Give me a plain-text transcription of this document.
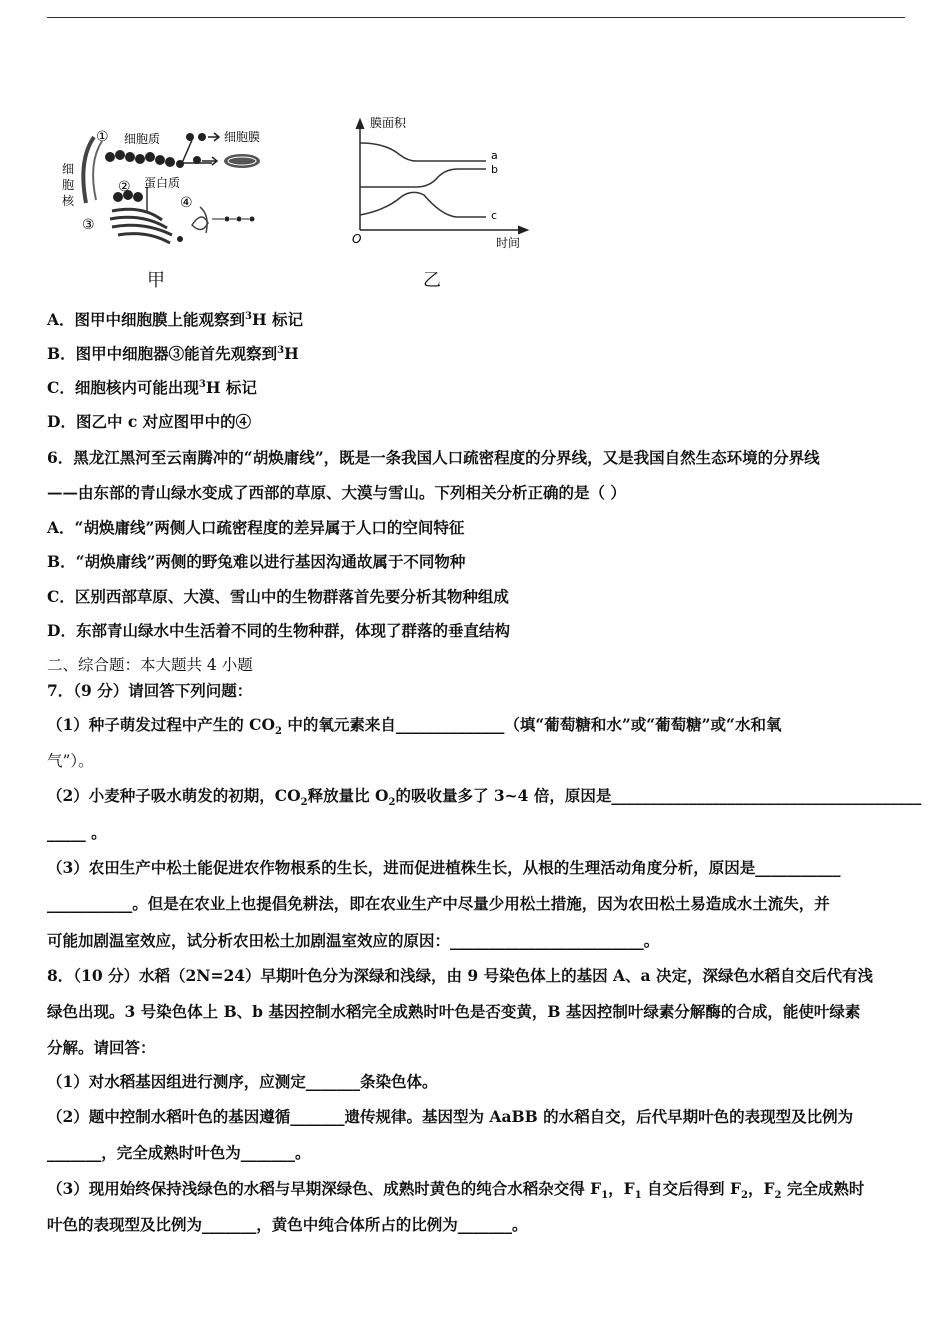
① 细胞质	细胞膜
细
胞
核
② 蛋白质
③
④
甲
膜面积
时间
O
a
b
c
乙
A．图甲中细胞膜上能观察到$^3$H 标记
B．图甲中细胞器③能首先观察到$^3$H
C．细胞核内可能出现$^3$H 标记
D．图乙中 c 对应图甲中的④
6．黑龙江黑河至云南腾冲的“胡焕庸线”，既是一条我国人口疏密程度的分界线，又是我国自然生态环境的分界线
——由东部的青山绿水变成了西部的草原、大漠与雪山。下列相关分析正确的是（ ）
A．“胡焕庸线”两侧人口疏密程度的差异属于人口的空间特征
B．“胡焕庸线”两侧的野兔难以进行基因沟通故属于不同物种
C．区别西部草原、大漠、雪山中的生物群落首先要分析其物种组成
D．东部青山绿水中生活着不同的生物种群，体现了群落的垂直结构
二、综合题：本大题共 4 小题
7．（9 分）请回答下列问题：
（1）种子萌发过程中产生的 $CO_2$ 中的氧元素来自______________（填“葡萄糖和水”或“葡萄糖”或“水和氧
气”）。
（2）小麦种子吸水萌发的初期，$CO_2$释放量比 $O_2$的吸收量多了 3~4 倍，原因是________________________________________
_____ 。
（3）农田生产中松土能促进农作物根系的生长，进而促进植株生长，从根的生理活动角度分析，原因是___________
___________。但是在农业上也提倡免耕法，即在农业生产中尽量少用松土措施，因为农田松土易造成水土流失，并
可能加剧温室效应，试分析农田松土加剧温室效应的原因：_________________________。
8．（10 分）水稻（2N=24）早期叶色分为深绿和浅绿，由 9 号染色体上的基因 A、a 决定，深绿色水稻自交后代有浅
绿色出现。3 号染色体上 B、b 基因控制水稻完全成熟时叶色是否变黄，B 基因控制叶绿素分解酶的合成，能使叶绿素
分解。请回答：
（1）对水稻基因组进行测序，应测定_______条染色体。
（2）题中控制水稻叶色的基因遵循_______遗传规律。基因型为 AaBB 的水稻自交，后代早期叶色的表现型及比例为
_______，完全成熟时叶色为_______。
（3）现用始终保持浅绿色的水稻与早期深绿色、成熟时黄色的纯合水稻杂交得 $F_1$，$F_1$ 自交后得到 $F_2$，$F_2$ 完全成熟时
叶色的表现型及比例为_______，黄色中纯合体所占的比例为_______。
